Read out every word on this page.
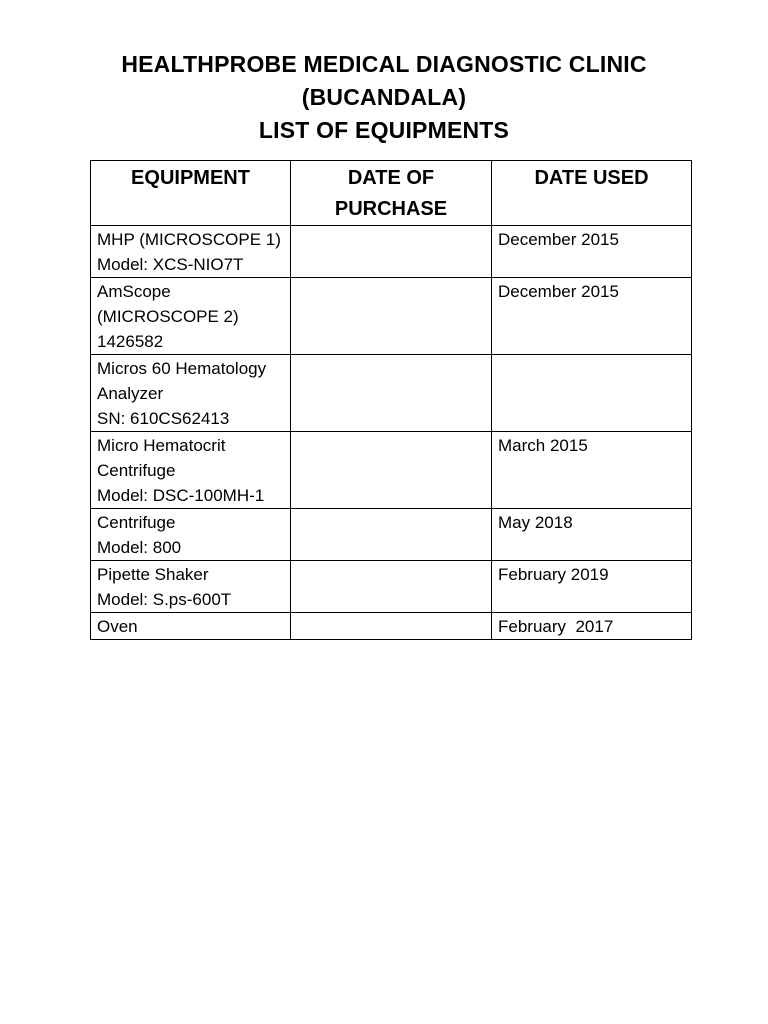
HEALTHPROBE MEDICAL DIAGNOSTIC CLINIC
(BUCANDALA)
LIST OF EQUIPMENTS
EQUIPMENT	DATE OF PURCHASE	DATE USED

MHP (MICROSCOPE 1)
Model: XCS-NIO7T		December 2015

AmScope
(MICROSCOPE 2)
1426582		December 2015

Micros 60 Hematology
Analyzer
SN: 610CS62413		

Micro Hematocrit
Centrifuge
Model: DSC-100MH-1		March 2015

Centrifuge
Model: 800		May 2018

Pipette Shaker
Model: S.ps-600T		February 2019

Oven		February  2017
